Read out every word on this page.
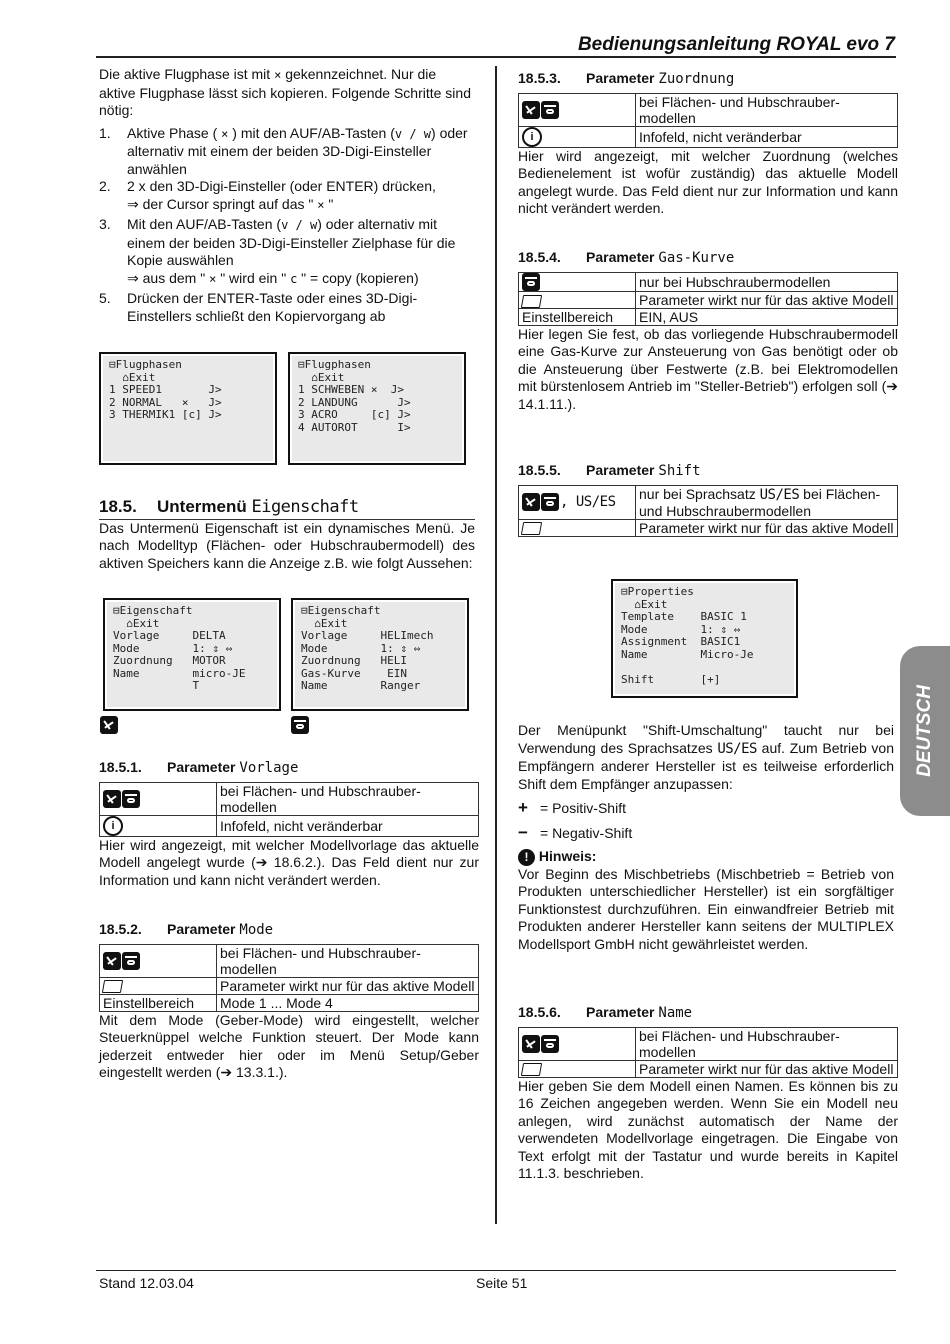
Bedienungsanleitung ROYAL evo 7
DEUTSCH

Die aktive Flugphase ist mit × gekennzeichnet. Nur die aktive Flugphase lässt sich kopieren. Folgende Schritte sind nötig:

1. Aktive Phase ( × ) mit den AUF/AB-Tasten (v / w) oder alternativ mit einem der beiden 3D-Digi-Einsteller anwählen
2. 2 x den 3D-Digi-Einsteller (oder ENTER) drücken,
⇒ der Cursor springt auf das " × "
3. Mit den AUF/AB-Tasten (v / w) oder alternativ mit einem der beiden 3D-Digi-Einsteller Zielphase für die Kopie auswählen
⇒ aus dem " × " wird ein " c " = copy (kopieren)
5. Drücken der ENTER-Taste oder eines 3D-Digi-Einstellers schließt den Kopiervorgang ab
⊟Flugphasen
⌂Exit
1 SPEED1       J>
2 NORMAL   ×   J>
3 THERMIK1 [c] J>
⊟Flugphasen
⌂Exit
1 SCHWEBEN ×  J>
2 LANDUNG      J>
3 ACRO     [c] J>
4 AUTOROT      I>
18.5. Untermenü Eigenschaft

Das Untermenü Eigenschaft ist ein dynamisches Menü. Je nach Modelltyp (Flächen- oder Hubschraubermodell) des aktiven Speichers kann die Anzeige z.B. wie folgt Aussehen:

⊟Eigenschaft
⌂Exit
Vorlage     DELTA
Mode        1: ⇕ ⇔
Zuordnung   MOTOR
Name        micro-JE
T
⊟Eigenschaft
⌂Exit
Vorlage     HELImech
Mode        1: ⇕ ⇔
Zuordnung   HELI
Gas-Kurve    EIN
Name        Ranger
18.5.1. Parameter Vorlage
	bei Flächen- und Hubschrauber-modellen
i	Infofeld, nicht veränderbar

Hier wird angezeigt, mit welcher Modellvorlage das aktuelle Modell angelegt wurde (➔ 18.6.2.). Das Feld dient nur zur Information und kann nicht verändert werden.

18.5.2. Parameter Mode
	bei Flächen- und Hubschrauber-modellen
	Parameter wirkt nur für das aktive Modell
Einstellbereich	Mode 1 ... Mode 4

Mit dem Mode (Geber-Mode) wird eingestellt, welcher Steuerknüppel welche Funktion steuert. Der Mode kann jederzeit entweder hier oder im Menü Setup/Geber eingestellt werden (➔ 13.3.1.).

18.5.3. Parameter Zuordnung
	bei Flächen- und Hubschrauber-modellen
i	Infofeld, nicht veränderbar

Hier wird angezeigt, mit welcher Zuordnung (welches Bedienelement ist wofür zuständig) das aktuelle Modell angelegt wurde. Das Feld dient nur zur Information und kann nicht verändert werden.

18.5.4. Parameter Gas-Kurve
	nur bei Hubschraubermodellen
	Parameter wirkt nur für das aktive Modell
Einstellbereich	EIN, AUS

Hier legen Sie fest, ob das vorliegende Hubschraubermodell eine Gas-Kurve zur Ansteuerung von Gas benötigt oder ob die Ansteuerung über Festwerte (z.B. bei Elektromodellen mit bürstenlosem Antrieb im "Steller-Betrieb") erfolgen soll (➔ 14.1.11.).

18.5.5. Parameter Shift
, US/ES	nur bei Sprachsatz US/ES bei Flächen- und Hubschraubermodellen
	Parameter wirkt nur für das aktive Modell
⊟Properties
⌂Exit
Template    BASIC 1
Mode        1: ⇕ ⇔
Assignment  BASIC1
Name        Micro-Je

Shift       [+]

Der Menüpunkt "Shift-Umschaltung" taucht nur bei Verwendung des Sprachsatzes US/ES auf. Zum Betrieb von Empfängern anderer Hersteller ist es teilweise erforderlich Shift dem Empfänger anzupassen:

+ = Positiv-Shift

− = Negativ-Shift

! Hinweis:

Vor Beginn des Mischbetriebs (Mischbetrieb = Betrieb von Produkten unterschiedlicher Hersteller) ist ein sorgfältiger Funktionstest durchzuführen. Ein einwandfreier Betrieb mit Produkten anderer Hersteller kann seitens der MULTIPLEX Modellsport GmbH nicht gewährleistet werden.

18.5.6. Parameter Name
	bei Flächen- und Hubschrauber-modellen
	Parameter wirkt nur für das aktive Modell

Hier geben Sie dem Modell einen Namen. Es können bis zu 16 Zeichen angegeben werden. Wenn Sie ein Modell neu anlegen, wird zunächst automatisch der Name der verwendeten Modellvorlage eingetragen. Die Eingabe von Text erfolgt mit der Tastatur und wurde bereits in Kapitel 11.1.3. beschrieben.

Stand 12.03.04	Seite 51
